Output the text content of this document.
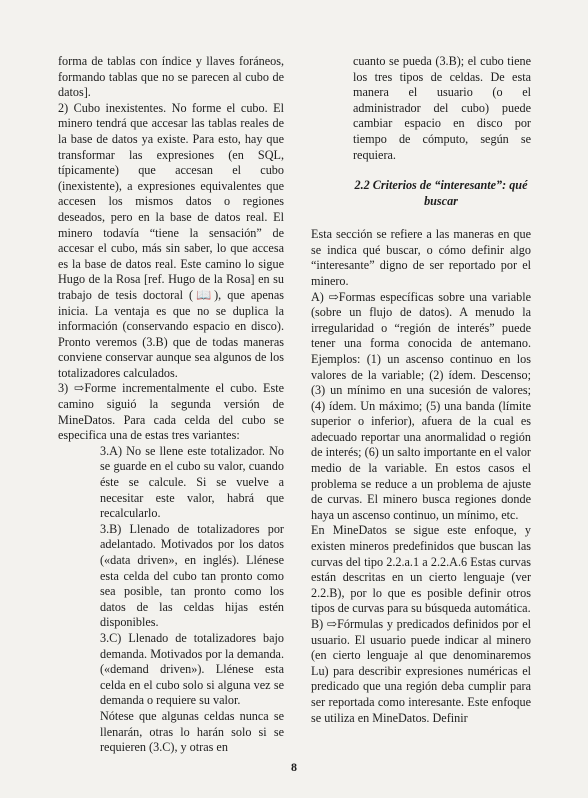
forma de tablas con índice y llaves foráneos, formando tablas que no se parecen al cubo de datos].

2) Cubo inexistentes. No forme el cubo. El minero tendrá que accesar las tablas reales de la base de datos ya existe. Para esto, hay que transformar las expresiones (en SQL, típicamente) que accesan el cubo (inexistente), a expresiones equivalentes que accesen los mismos datos o regiones deseados, pero en la base de datos real. El minero todavía “tiene la sensación” de accesar el cubo, más sin saber, lo que accesa es la base de datos real. Este camino lo sigue Hugo de la Rosa [ref. Hugo de la Rosa] en su trabajo de tesis doctoral (📖), que apenas inicia. La ventaja es que no se duplica la información (conservando espacio en disco). Pronto veremos (3.B) que de todas maneras conviene conservar aunque sea algunos de los totalizadores calculados.

3) ⇨Forme incrementalmente el cubo. Este camino siguió la segunda versión de MineDatos. Para cada celda del cubo se especifica una de estas tres variantes:

3.A) No se llene este totalizador. No se guarde en el cubo su valor, cuando éste se calcule. Si se vuelve a necesitar este valor, habrá que recalcularlo.

3.B) Llenado de totalizadores por adelantado. Motivados por los datos («data driven», en inglés). Llénese esta celda del cubo tan pronto como sea posible, tan pronto como los datos de las celdas hijas estén disponibles.

3.C) Llenado de totalizadores bajo demanda. Motivados por la demanda. («demand driven»). Llénese esta celda en el cubo solo si alguna vez se demanda o requiere su valor.

Nótese que algunas celdas nunca se llenarán, otras lo harán solo si se requieren (3.C), y otras en

cuanto se pueda (3.B); el cubo tiene los tres tipos de celdas. De esta manera el usuario (o el administrador del cubo) puede cambiar espacio en disco por tiempo de cómputo, según se requiera.

2.2 Criterios de “interesante”: qué buscar

Esta sección se refiere a las maneras en que se indica qué buscar, o cómo definir algo “interesante” digno de ser reportado por el minero.

A) ⇨Formas específicas sobre una variable (sobre un flujo de datos). A menudo la irregularidad o “región de interés” puede tener una forma conocida de antemano. Ejemplos: (1) un ascenso continuo en los valores de la variable; (2) ídem. Descenso; (3) un mínimo en una sucesión de valores; (4) ídem. Un máximo; (5) una banda (límite superior o inferior), afuera de la cual es adecuado reportar una anormalidad o región de interés; (6) un salto importante en el valor medio de la variable. En estos casos el problema se reduce a un problema de ajuste de curvas. El minero busca regiones donde haya un ascenso continuo, un mínimo, etc.

En MineDatos se sigue este enfoque, y existen mineros predefinidos que buscan las curvas del tipo 2.2.a.1 a 2.2.A.6 Estas curvas están descritas en un cierto lenguaje (ver 2.2.B), por lo que es posible definir otros tipos de curvas para su búsqueda automática.

B) ⇨Fórmulas y predicados definidos por el usuario. El usuario puede indicar al minero (en cierto lenguaje al que denominaremos Lu) para describir expresiones numéricas el predicado que una región deba cumplir para ser reportada como interesante. Este enfoque se utiliza en MineDatos. Definir

8
